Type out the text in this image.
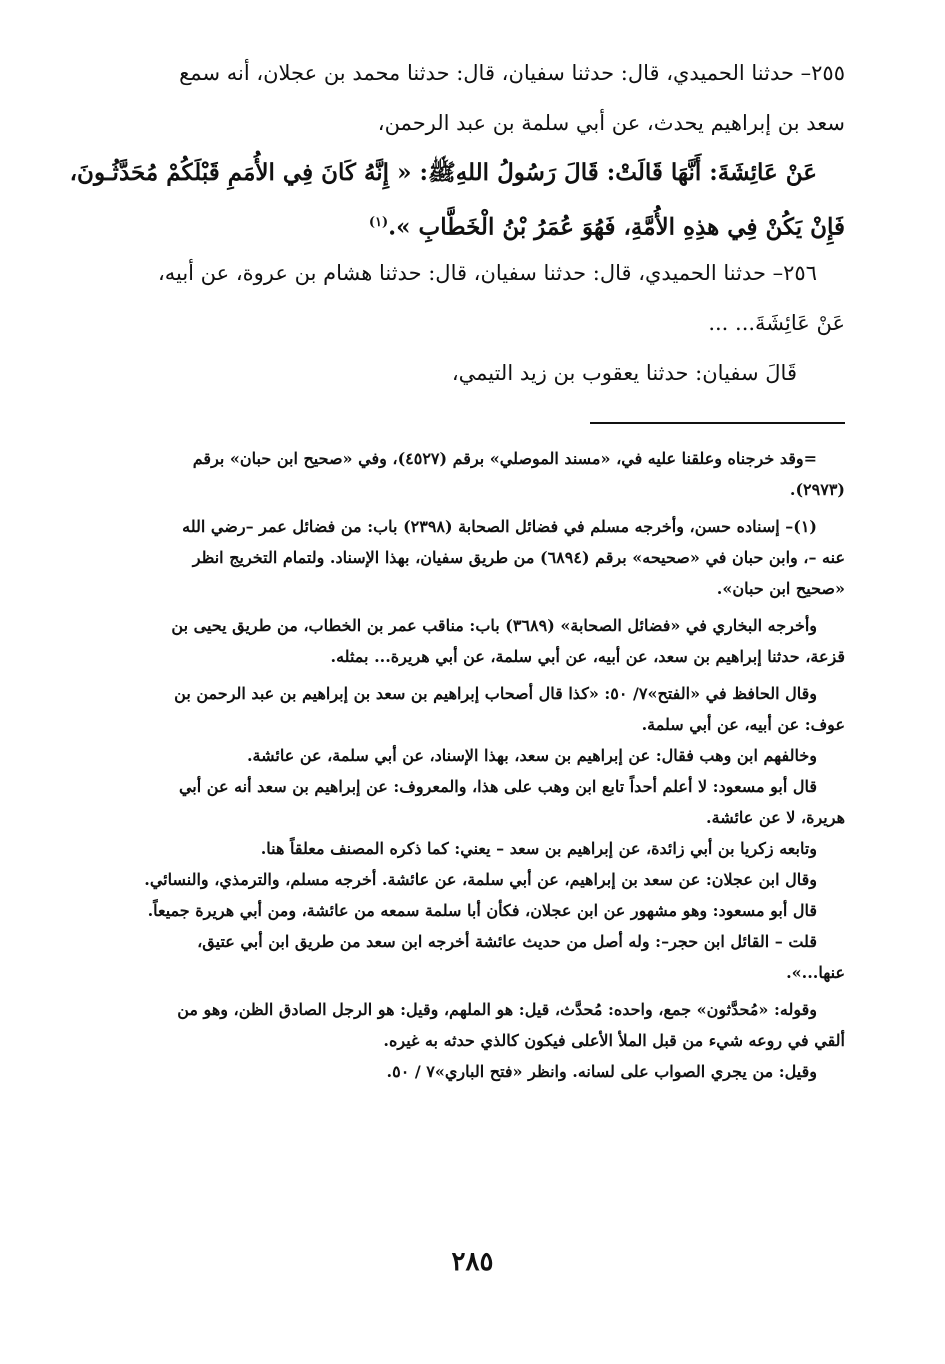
٢٥٥– حدثنا الحميدي، قال: حدثنا سفيان، قال: حدثنا محمد بن عجلان، أنه سمع

سعد بن إبراهيم يحدث، عن أبي سلمة بن عبد الرحمن،

عَنْ عَائِشَةَ: أَنَّهَا قَالَتْ: قَالَ رَسُولُ اللهِﷺ: « إِنَّهُ كَانَ فِي الأُمَمِ قَبْلَكُمْ مُحَدَّثُـونَ،

فَإِنْ يَكُنْ فِي هذِهِ الأُمَّةِ، فَهُوَ عُمَرُ بْنُ الْخَطَّابِ ».$^{(١)}$

٢٥٦– حدثنا الحميدي، قال: حدثنا سفيان، قال: حدثنا هشام بن عروة، عن أبيه،

عَنْ عَائِشَةَ... ...

قَالَ سفيان: حدثنا يعقوب بن زيد التيمي،

=وقد خرجناه وعلقنا عليه في، «مسند الموصلي» برقم (٤٥٢٧)، وفي «صحيح ابن حبان» برقم

(٢٩٧٣).

(١)– إسناده حسن، وأخرجه مسلم في فضائل الصحابة (٢٣٩٨) باب: من فضائل عمر –رضي الله

عنه –، وابن حبان في «صحيحه» برقم (٦٨٩٤) من طريق سفيان، بهذا الإسناد. ولتمام التخريج انظر

«صحيح ابن حبان».

وأخرجه البخاري في «فضائل الصحابة» (٣٦٨٩) باب: مناقب عمر بن الخطاب، من طريق يحيى بن

قزعة، حدثنا إبراهيم بن سعد، عن أبيه، عن أبي سلمة، عن أبي هريرة... بمثله.

وقال الحافظ في «الفتح»٧/ ٥٠: «كذا قال أصحاب إبراهيم بن سعد بن إبراهيم بن عبد الرحمن بن

عوف: عن أبيه، عن أبي سلمة.

وخالفهم ابن وهب فقال: عن إبراهيم بن سعد، بهذا الإسناد، عن أبي سلمة، عن عائشة.

قال أبو مسعود: لا أعلم أحداً تابع ابن وهب على هذا، والمعروف: عن إبراهيم بن سعد أنه عن أبي

هريرة، لا عن عائشة.

وتابعه زكريا بن أبي زائدة، عن إبراهيم بن سعد – يعني: كما ذكره المصنف معلقاً هنا.

وقال ابن عجلان: عن سعد بن إبراهيم، عن أبي سلمة، عن عائشة. أخرجه مسلم، والترمذي، والنسائي.

قال أبو مسعود: وهو مشهور عن ابن عجلان، فكأن أبا سلمة سمعه من عائشة، ومن أبي هريرة جميعاً.

قلت – القائل ابن حجر–: وله أصل من حديث عائشة أخرجه ابن سعد من طريق ابن أبي عتيق،

عنها...».

وقوله: «مُحدَّثون» جمع، واحده: مُحدَّث، قيل: هو الملهم، وقيل: هو الرجل الصادق الظن، وهو من

ألقي في روعه شيء من قبل الملأ الأعلى فيكون كالذي حدثه به غيره.

وقيل: من يجري الصواب على لسانه. وانظر «فتح الباري»٧ / ٥٠.

٢٨٥
